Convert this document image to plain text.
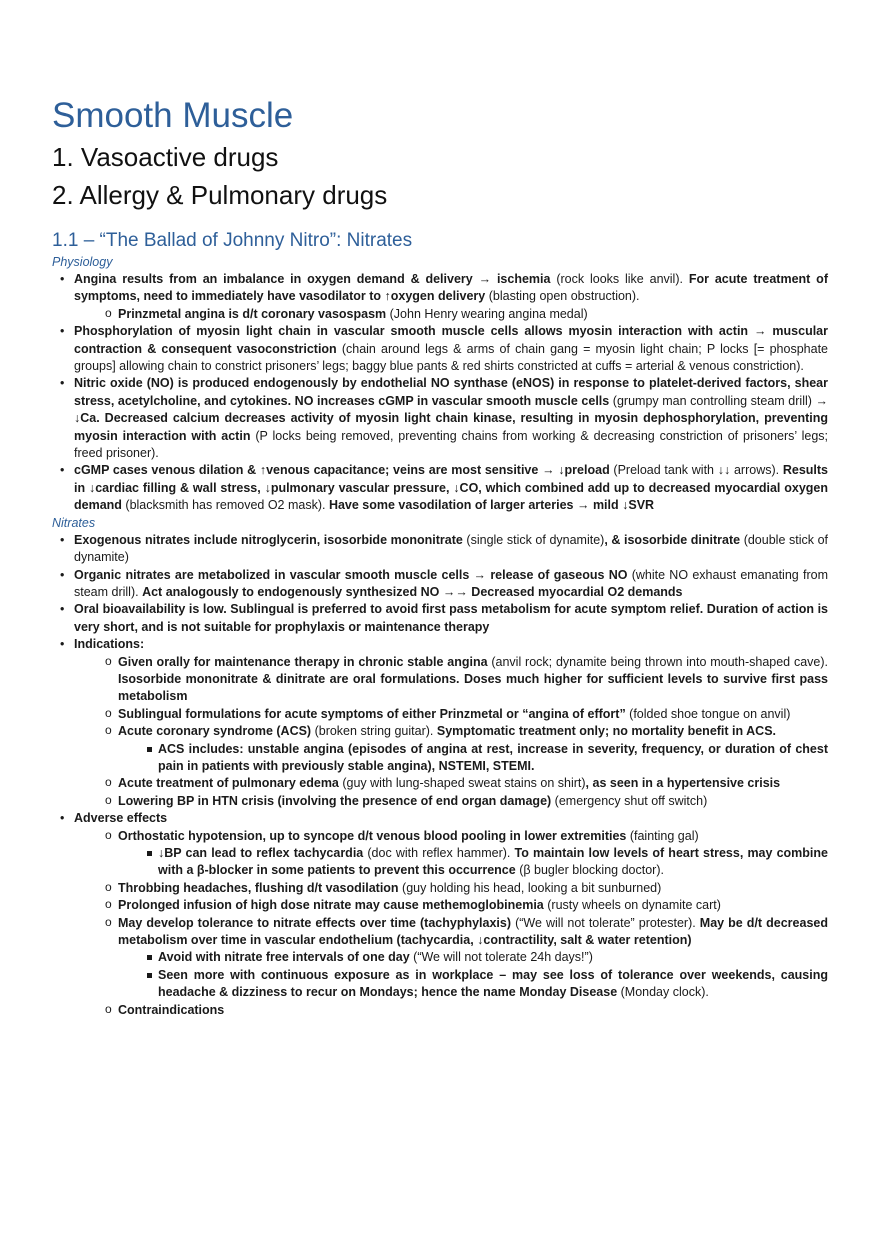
Smooth Muscle
1. Vasoactive drugs
2. Allergy & Pulmonary drugs
1.1 – “The Ballad of Johnny Nitro”: Nitrates
Physiology
• Angina results from an imbalance in oxygen demand & delivery → ischemia (rock looks like anvil). For acute treatment of symptoms, need to immediately have vasodilator to ↑oxygen delivery (blasting open obstruction).
o Prinzmetal angina is d/t coronary vasospasm (John Henry wearing angina medal)
• Phosphorylation of myosin light chain in vascular smooth muscle cells allows myosin interaction with actin → muscular contraction & consequent vasoconstriction (chain around legs & arms of chain gang = myosin light chain; P locks [= phosphate groups] allowing chain to constrict prisoners’ legs; baggy blue pants & red shirts constricted at cuffs = arterial & venous constriction).
• Nitric oxide (NO) is produced endogenously by endothelial NO synthase (eNOS) in response to platelet-derived factors, shear stress, acetylcholine, and cytokines. NO increases cGMP in vascular smooth muscle cells (grumpy man controlling steam drill) → ↓Ca. Decreased calcium decreases activity of myosin light chain kinase, resulting in myosin dephosphorylation, preventing myosin interaction with actin (P locks being removed, preventing chains from working & decreasing constriction of prisoners’ legs; freed prisoner).
• cGMP cases venous dilation & ↑venous capacitance; veins are most sensitive → ↓preload (Preload tank with ↓↓ arrows). Results in ↓cardiac filling & wall stress, ↓pulmonary vascular pressure, ↓CO, which combined add up to decreased myocardial oxygen demand (blacksmith has removed O2 mask). Have some vasodilation of larger arteries → mild ↓SVR
Nitrates
• Exogenous nitrates include nitroglycerin, isosorbide mononitrate (single stick of dynamite), & isosorbide dinitrate (double stick of dynamite)
• Organic nitrates are metabolized in vascular smooth muscle cells → release of gaseous NO (white NO exhaust emanating from steam drill). Act analogously to endogenously synthesized NO →→ Decreased myocardial O2 demands
• Oral bioavailability is low. Sublingual is preferred to avoid first pass metabolism for acute symptom relief. Duration of action is very short, and is not suitable for prophylaxis or maintenance therapy
• Indications:
o Given orally for maintenance therapy in chronic stable angina (anvil rock; dynamite being thrown into mouth-shaped cave). Isosorbide mononitrate & dinitrate are oral formulations. Doses much higher for sufficient levels to survive first pass metabolism
o Sublingual formulations for acute symptoms of either Prinzmetal or “angina of effort” (folded shoe tongue on anvil)
o Acute coronary syndrome (ACS) (broken string guitar). Symptomatic treatment only; no mortality benefit in ACS.
ACS includes: unstable angina (episodes of angina at rest, increase in severity, frequency, or duration of chest pain in patients with previously stable angina), NSTEMI, STEMI.
o Acute treatment of pulmonary edema (guy with lung-shaped sweat stains on shirt), as seen in a hypertensive crisis
o Lowering BP in HTN crisis (involving the presence of end organ damage) (emergency shut off switch)
• Adverse effects
o Orthostatic hypotension, up to syncope d/t venous blood pooling in lower extremities (fainting gal)
↓BP can lead to reflex tachycardia (doc with reflex hammer). To maintain low levels of heart stress, may combine with a β-blocker in some patients to prevent this occurrence (β bugler blocking doctor).
o Throbbing headaches, flushing d/t vasodilation (guy holding his head, looking a bit sunburned)
o Prolonged infusion of high dose nitrate may cause methemoglobinemia (rusty wheels on dynamite cart)
o May develop tolerance to nitrate effects over time (tachyphylaxis) (“We will not tolerate” protester). May be d/t decreased metabolism over time in vascular endothelium (tachycardia, ↓contractility, salt & water retention)
Avoid with nitrate free intervals of one day (“We will not tolerate 24h days!”)
Seen more with continuous exposure as in workplace – may see loss of tolerance over weekends, causing headache & dizziness to recur on Mondays; hence the name Monday Disease (Monday clock).
o Contraindications
